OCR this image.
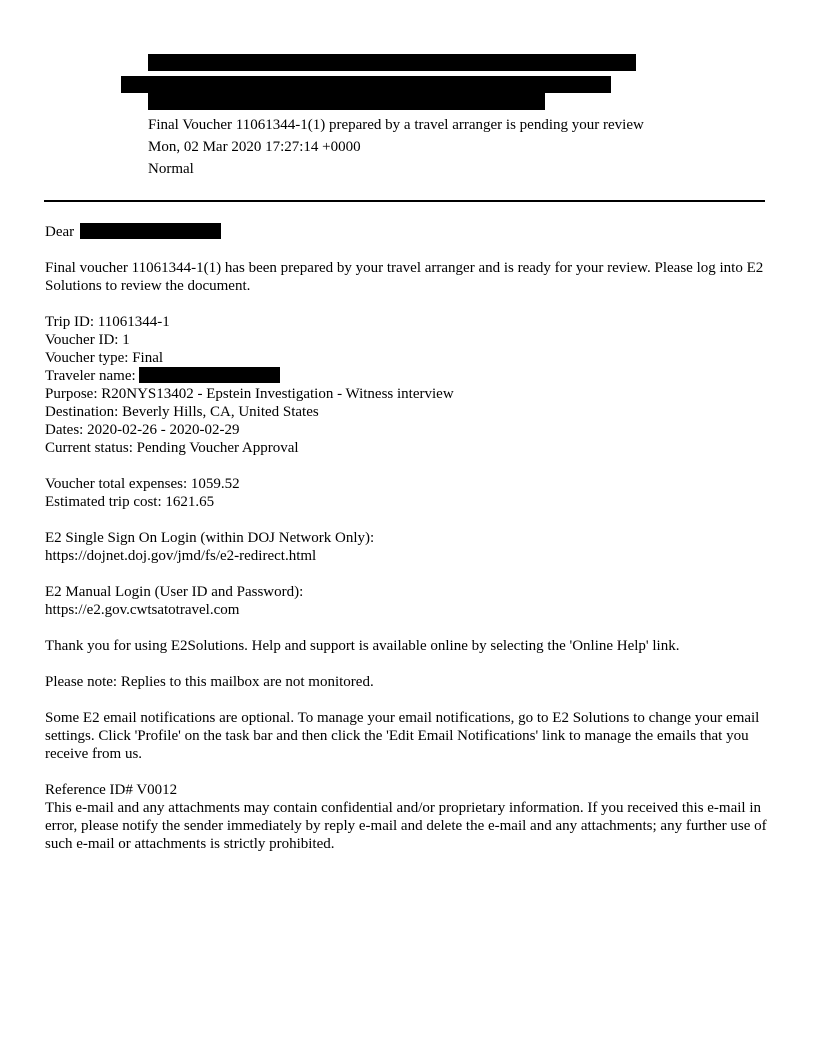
Final Voucher 11061344-1(1) prepared by a travel arranger is pending your review
Mon, 02 Mar 2020 17:27:14 +0000
Normal
Dear
Final voucher 11061344-1(1) has been prepared by your travel arranger and is ready for your review. Please log into E2 Solutions to review the document.
Trip ID: 11061344-1
Voucher ID: 1
Voucher type: Final
Traveler name:
Purpose: R20NYS13402 - Epstein Investigation - Witness interview
Destination: Beverly Hills, CA, United States
Dates: 2020-02-26 - 2020-02-29
Current status: Pending Voucher Approval
Voucher total expenses: 1059.52
Estimated trip cost: 1621.65
E2 Single Sign On Login (within DOJ Network Only):
https://dojnet.doj.gov/jmd/fs/e2-redirect.html
E2 Manual Login (User ID and Password):
https://e2.gov.cwtsatotravel.com
Thank you for using E2Solutions. Help and support is available online by selecting the 'Online Help' link.
Please note: Replies to this mailbox are not monitored.
Some E2 email notifications are optional. To manage your email notifications, go to E2 Solutions to change your email settings. Click 'Profile' on the task bar and then click the 'Edit Email Notifications' link to manage the emails that you receive from us.
Reference ID# V0012
This e-mail and any attachments may contain confidential and/or proprietary information. If you received this e-mail in error, please notify the sender immediately by reply e-mail and delete the e-mail and any attachments; any further use of such e-mail or attachments is strictly prohibited.
